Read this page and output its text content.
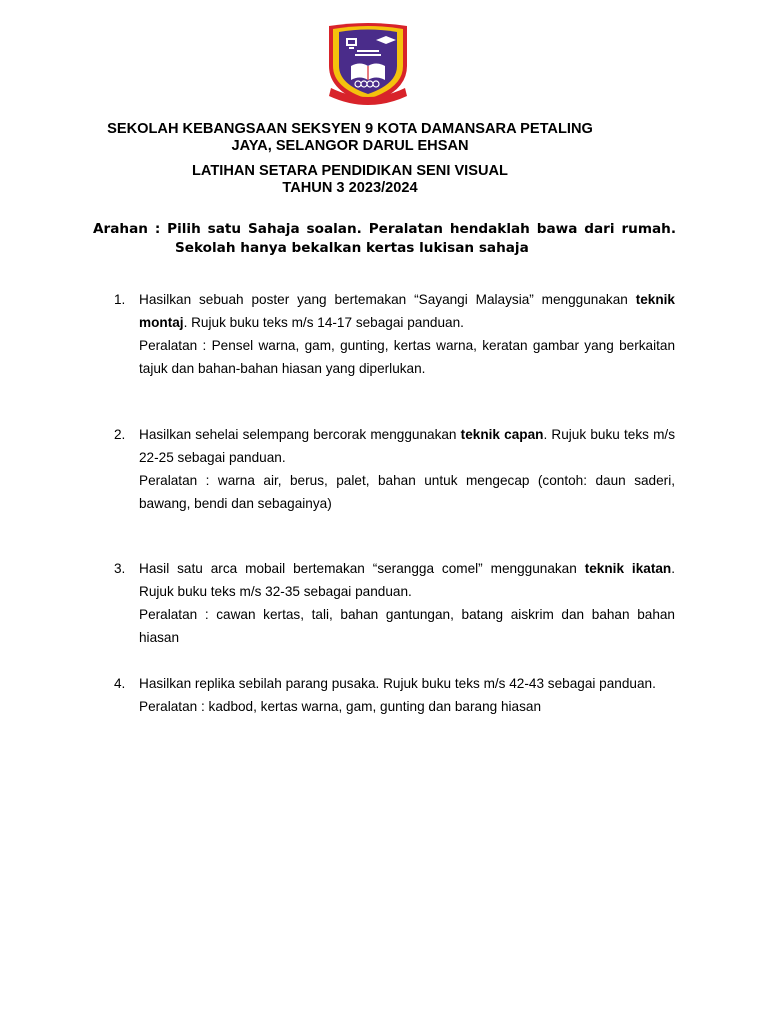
SEKOLAH KEBANGSAAN SEKSYEN 9 KOTA DAMANSARA PETALING
JAYA, SELANGOR DARUL EHSAN
LATIHAN SETARA PENDIDIKAN SENI VISUAL
TAHUN 3 2023/2024
Arahan : Pilih satu Sahaja soalan. Peralatan hendaklah bawa dari rumah.
Sekolah hanya bekalkan kertas lukisan sahaja
1.	Hasilkan sebuah poster yang bertemakan “Sayangi Malaysia” menggunakan teknik montaj. Rujuk buku teks m/s 14-17 sebagai panduan.

Peralatan : Pensel warna, gam, gunting, kertas warna, keratan gambar yang berkaitan tajuk dan bahan-bahan hiasan yang diperlukan.

2.	Hasilkan sehelai selempang bercorak menggunakan teknik capan. Rujuk buku teks m/s 22-25 sebagai panduan.

Peralatan : warna air, berus, palet, bahan untuk mengecap (contoh: daun saderi, bawang, bendi dan sebagainya)

3.	Hasil satu arca mobail bertemakan “serangga comel” menggunakan teknik ikatan. Rujuk buku teks m/s 32-35 sebagai panduan.

Peralatan : cawan kertas, tali, bahan gantungan, batang aiskrim dan bahan bahan hiasan

4.	Hasilkan replika sebilah parang pusaka. Rujuk buku teks m/s 42-43 sebagai panduan.

Peralatan : kadbod, kertas warna, gam, gunting dan barang hiasan
